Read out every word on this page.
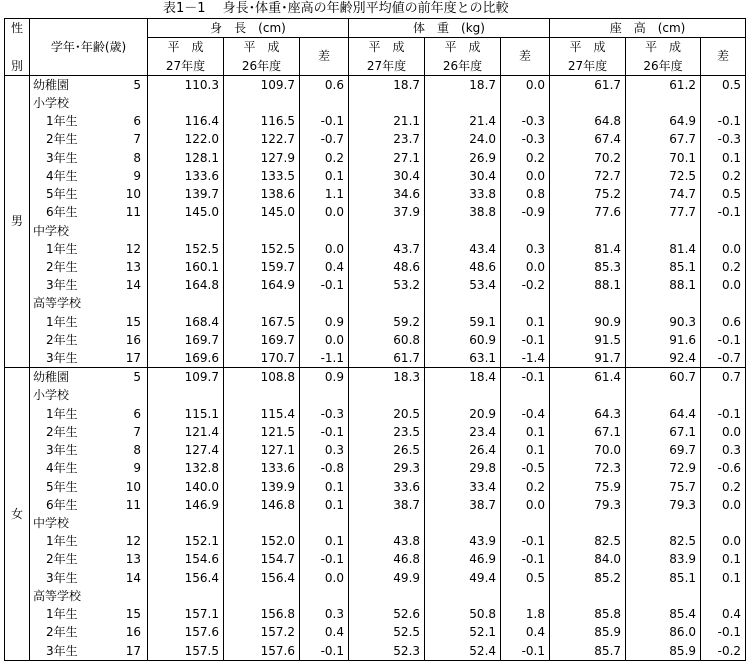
表1－1　 身長･体重･座高の年齢別平均値の前年度との比較
性	学年･年齢(歳)		身　長　(cm)			体　重　(kg)			座　高　(cm)		
			平　成	平　成	差	平　成	平　成	差	平　成	平　成	差
別			27年度	26年度		27年度	26年度		27年度	26年度	
男	幼稚園	5	110.3	109.7	0.6	18.7	18.7	0.0	61.7	61.2	0.5
	小学校										
	1年生	6	116.4	116.5	-0.1	21.1	21.4	-0.3	64.8	64.9	-0.1
	2年生	7	122.0	122.7	-0.7	23.7	24.0	-0.3	67.4	67.7	-0.3
	3年生	8	128.1	127.9	0.2	27.1	26.9	0.2	70.2	70.1	0.1
	4年生	9	133.6	133.5	0.1	30.4	30.4	0.0	72.7	72.5	0.2
	5年生	10	139.7	138.6	1.1	34.6	33.8	0.8	75.2	74.7	0.5
	6年生	11	145.0	145.0	0.0	37.9	38.8	-0.9	77.6	77.7	-0.1
	中学校										
	1年生	12	152.5	152.5	0.0	43.7	43.4	0.3	81.4	81.4	0.0
	2年生	13	160.1	159.7	0.4	48.6	48.6	0.0	85.3	85.1	0.2
	3年生	14	164.8	164.9	-0.1	53.2	53.4	-0.2	88.1	88.1	0.0
	高等学校										
	1年生	15	168.4	167.5	0.9	59.2	59.1	0.1	90.9	90.3	0.6
	2年生	16	169.7	169.7	0.0	60.8	60.9	-0.1	91.5	91.6	-0.1
	3年生	17	169.6	170.7	-1.1	61.7	63.1	-1.4	91.7	92.4	-0.7
女	幼稚園	5	109.7	108.8	0.9	18.3	18.4	-0.1	61.4	60.7	0.7
	小学校										
	1年生	6	115.1	115.4	-0.3	20.5	20.9	-0.4	64.3	64.4	-0.1
	2年生	7	121.4	121.5	-0.1	23.5	23.4	0.1	67.1	67.1	0.0
	3年生	8	127.4	127.1	0.3	26.5	26.4	0.1	70.0	69.7	0.3
	4年生	9	132.8	133.6	-0.8	29.3	29.8	-0.5	72.3	72.9	-0.6
	5年生	10	140.0	139.9	0.1	33.6	33.4	0.2	75.9	75.7	0.2
	6年生	11	146.9	146.8	0.1	38.7	38.7	0.0	79.3	79.3	0.0
	中学校										
	1年生	12	152.1	152.0	0.1	43.8	43.9	-0.1	82.5	82.5	0.0
	2年生	13	154.6	154.7	-0.1	46.8	46.9	-0.1	84.0	83.9	0.1
	3年生	14	156.4	156.4	0.0	49.9	49.4	0.5	85.2	85.1	0.1
	高等学校										
	1年生	15	157.1	156.8	0.3	52.6	50.8	1.8	85.8	85.4	0.4
	2年生	16	157.6	157.2	0.4	52.5	52.1	0.4	85.9	86.0	-0.1
	3年生	17	157.5	157.6	-0.1	52.3	52.4	-0.1	85.7	85.9	-0.2
